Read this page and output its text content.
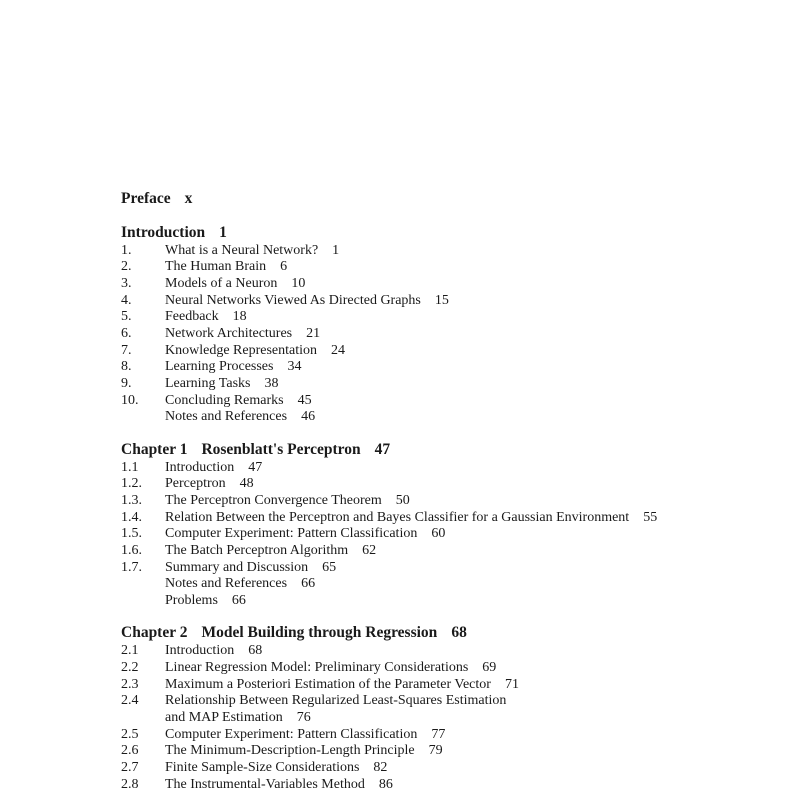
Preface x
Introduction 1
1. What is a Neural Network? 1
2. The Human Brain 6
3. Models of a Neuron 10
4. Neural Networks Viewed As Directed Graphs 15
5. Feedback 18
6. Network Architectures 21
7. Knowledge Representation 24
8. Learning Processes 34
9. Learning Tasks 38
10. Concluding Remarks 45
Notes and References 46
Chapter 1 Rosenblatt's Perceptron 47
1.1 Introduction 47
1.2. Perceptron 48
1.3. The Perceptron Convergence Theorem 50
1.4. Relation Between the Perceptron and Bayes Classifier for a Gaussian Environment 55
1.5. Computer Experiment: Pattern Classification 60
1.6. The Batch Perceptron Algorithm 62
1.7. Summary and Discussion 65
Notes and References 66
Problems 66
Chapter 2 Model Building through Regression 68
2.1 Introduction 68
2.2 Linear Regression Model: Preliminary Considerations 69
2.3 Maximum a Posteriori Estimation of the Parameter Vector 71
2.4 Relationship Between Regularized Least-Squares Estimation
and MAP Estimation 76
2.5 Computer Experiment: Pattern Classification 77
2.6 The Minimum-Description-Length Principle 79
2.7 Finite Sample-Size Considerations 82
2.8 The Instrumental-Variables Method 86
